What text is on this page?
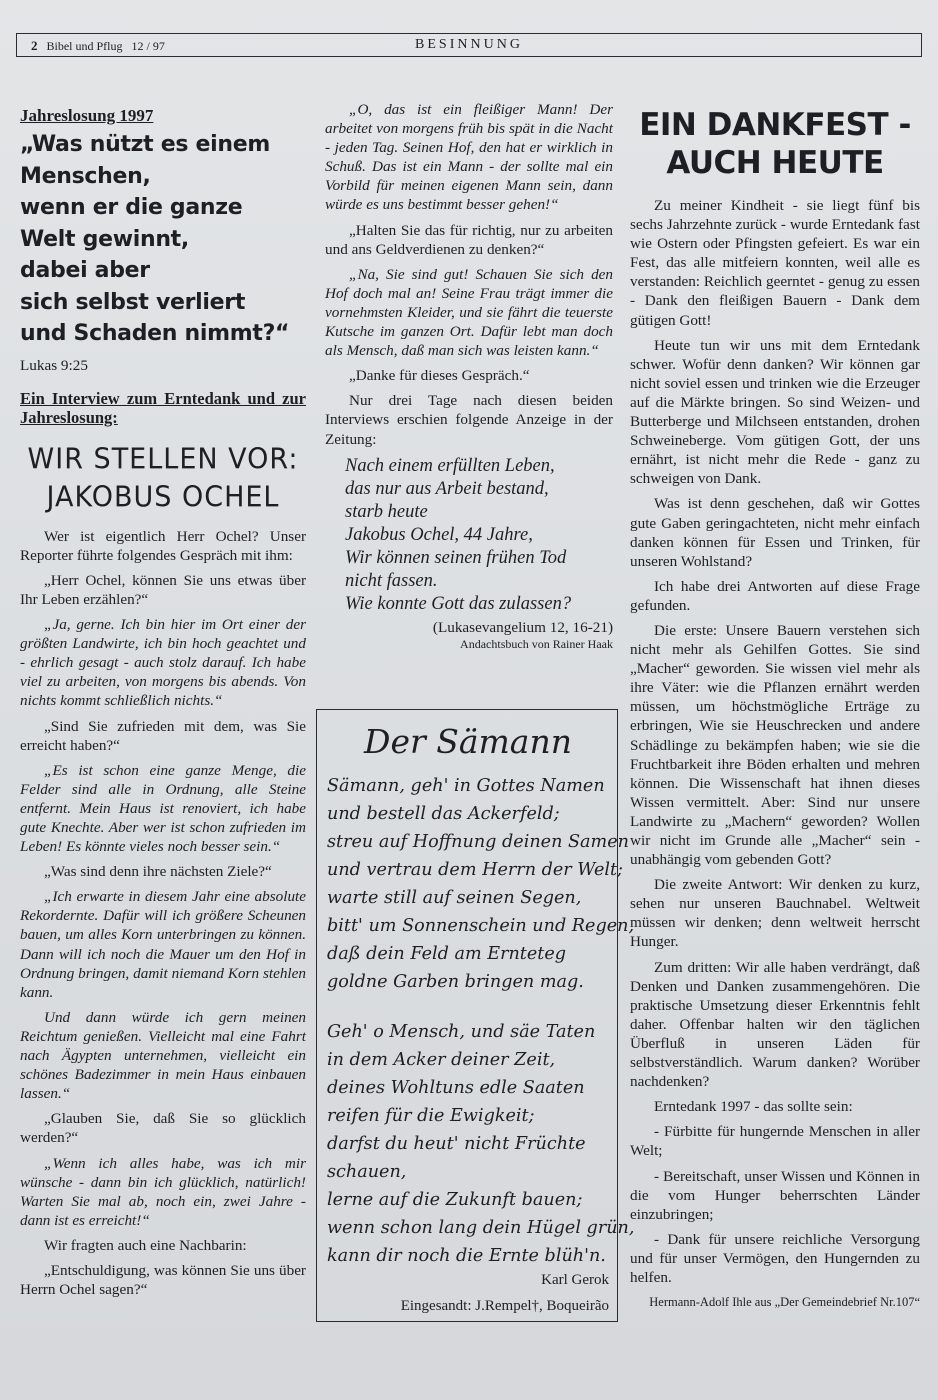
2 Bibel und Pflug 12 / 97	BESINNUNG
Jahreslosung 1997
„Was nützt es einem
Menschen,
wenn er die ganze
Welt gewinnt,
dabei aber
sich selbst verliert
und Schaden nimmt?“
Lukas 9:25
Ein Interview zum Erntedank und zur Jahreslosung:
WIR STELLEN VOR:
JAKOBUS OCHEL

Wer ist eigentlich Herr Ochel? Unser Reporter führte folgendes Gespräch mit ihm:

„Herr Ochel, können Sie uns etwas über Ihr Leben erzählen?“

„Ja, gerne. Ich bin hier im Ort einer der größten Landwirte, ich bin hoch geachtet und - ehrlich gesagt - auch stolz darauf. Ich habe viel zu arbeiten, von morgens bis abends. Von nichts kommt schließlich nichts.“

„Sind Sie zufrieden mit dem, was Sie erreicht haben?“

„Es ist schon eine ganze Menge, die Felder sind alle in Ordnung, alle Steine entfernt. Mein Haus ist renoviert, ich habe gute Knechte. Aber wer ist schon zufrieden im Leben! Es könnte vieles noch besser sein.“

„Was sind denn ihre nächsten Ziele?“

„Ich erwarte in diesem Jahr eine absolute Rekordernte. Dafür will ich größere Scheunen bauen, um alles Korn unterbringen zu können. Dann will ich noch die Mauer um den Hof in Ordnung bringen, damit niemand Korn stehlen kann.

Und dann würde ich gern meinen Reichtum genießen. Vielleicht mal eine Fahrt nach Ägypten unternehmen, vielleicht ein schönes Badezimmer in mein Haus einbauen lassen.“

„Glauben Sie, daß Sie so glücklich werden?“

„Wenn ich alles habe, was ich mir wünsche - dann bin ich glücklich, natürlich! Warten Sie mal ab, noch ein, zwei Jahre - dann ist es erreicht!“

Wir fragten auch eine Nachbarin:

„Entschuldigung, was können Sie uns über Herrn Ochel sagen?“

„O, das ist ein fleißiger Mann! Der arbeitet von morgens früh bis spät in die Nacht - jeden Tag. Seinen Hof, den hat er wirklich in Schuß. Das ist ein Mann - der sollte mal ein Vorbild für meinen eigenen Mann sein, dann würde es uns bestimmt besser gehen!“

„Halten Sie das für richtig, nur zu arbeiten und ans Geldverdienen zu denken?“

„Na, Sie sind gut! Schauen Sie sich den Hof doch mal an! Seine Frau trägt immer die vornehmsten Kleider, und sie fährt die teuerste Kutsche im ganzen Ort. Dafür lebt man doch als Mensch, daß man sich was leisten kann.“

„Danke für dieses Gespräch.“

Nur drei Tage nach diesen beiden Interviews erschien folgende Anzeige in der Zeitung:

Nach einem erfüllten Leben,
das nur aus Arbeit bestand,
starb heute
Jakobus Ochel, 44 Jahre,
Wir können seinen frühen Tod
nicht fassen.
Wie konnte Gott das zulassen?
(Lukasevangelium 12, 16-21)
Andachtsbuch von Rainer Haak
Der Sämann
Sämann, geh' in Gottes Namen
und bestell das Ackerfeld;
streu auf Hoffnung deinen Samen
und vertrau dem Herrn der Welt;
warte still auf seinen Segen,
bitt' um Sonnenschein und Regen,
daß dein Feld am Ernteteg
goldne Garben bringen mag.
Geh' o Mensch, und säe Taten
in dem Acker deiner Zeit,
deines Wohltuns edle Saaten
reifen für die Ewigkeit;
darfst du heut' nicht Früchte
schauen,
lerne auf die Zukunft bauen;
wenn schon lang dein Hügel grün,
kann dir noch die Ernte blüh'n.
Karl Gerok
Eingesandt: J.Rempel†, Boqueirão
EIN DANKFEST -
AUCH HEUTE

Zu meiner Kindheit - sie liegt fünf bis sechs Jahrzehnte zurück - wurde Erntedank fast wie Ostern oder Pfingsten gefeiert. Es war ein Fest, das alle mitfeiern konnten, weil alle es verstanden: Reichlich geerntet - genug zu essen - Dank den fleißigen Bauern - Dank dem gütigen Gott!

Heute tun wir uns mit dem Erntedank schwer. Wofür denn danken? Wir können gar nicht soviel essen und trinken wie die Erzeuger auf die Märkte bringen. So sind Weizen- und Butterberge und Milchseen entstanden, drohen Schweineberge. Vom gütigen Gott, der uns ernährt, ist nicht mehr die Rede - ganz zu schweigen von Dank.

Was ist denn geschehen, daß wir Gottes gute Gaben geringachteten, nicht mehr einfach danken können für Essen und Trinken, für unseren Wohlstand?

Ich habe drei Antworten auf diese Frage gefunden.

Die erste: Unsere Bauern verstehen sich nicht mehr als Gehilfen Gottes. Sie sind „Macher“ geworden. Sie wissen viel mehr als ihre Väter: wie die Pflanzen ernährt werden müssen, um höchstmögliche Erträge zu erbringen, Wie sie Heuschrecken und andere Schädlinge zu bekämpfen haben; wie sie die Fruchtbarkeit ihre Böden erhalten und mehren können. Die Wissenschaft hat ihnen dieses Wissen vermittelt. Aber: Sind nur unsere Landwirte zu „Machern“ geworden? Wollen wir nicht im Grunde alle „Macher“ sein - unabhängig vom gebenden Gott?

Die zweite Antwort: Wir denken zu kurz, sehen nur unseren Bauchnabel. Weltweit müssen wir denken; denn weltweit herrscht Hunger.

Zum dritten: Wir alle haben verdrängt, daß Denken und Danken zusammengehören. Die praktische Umsetzung dieser Erkenntnis fehlt daher. Offenbar halten wir den täglichen Überfluß in unseren Läden für selbstverständlich. Warum danken? Worüber nachdenken?

Erntedank 1997 - das sollte sein:

- Fürbitte für hungernde Menschen in aller Welt;

- Bereitschaft, unser Wissen und Können in die vom Hunger beherrschten Länder einzubringen;

- Dank für unsere reichliche Versorgung und für unser Vermögen, den Hungernden zu helfen.

Hermann-Adolf Ihle aus „Der Gemeindebrief Nr.107“
